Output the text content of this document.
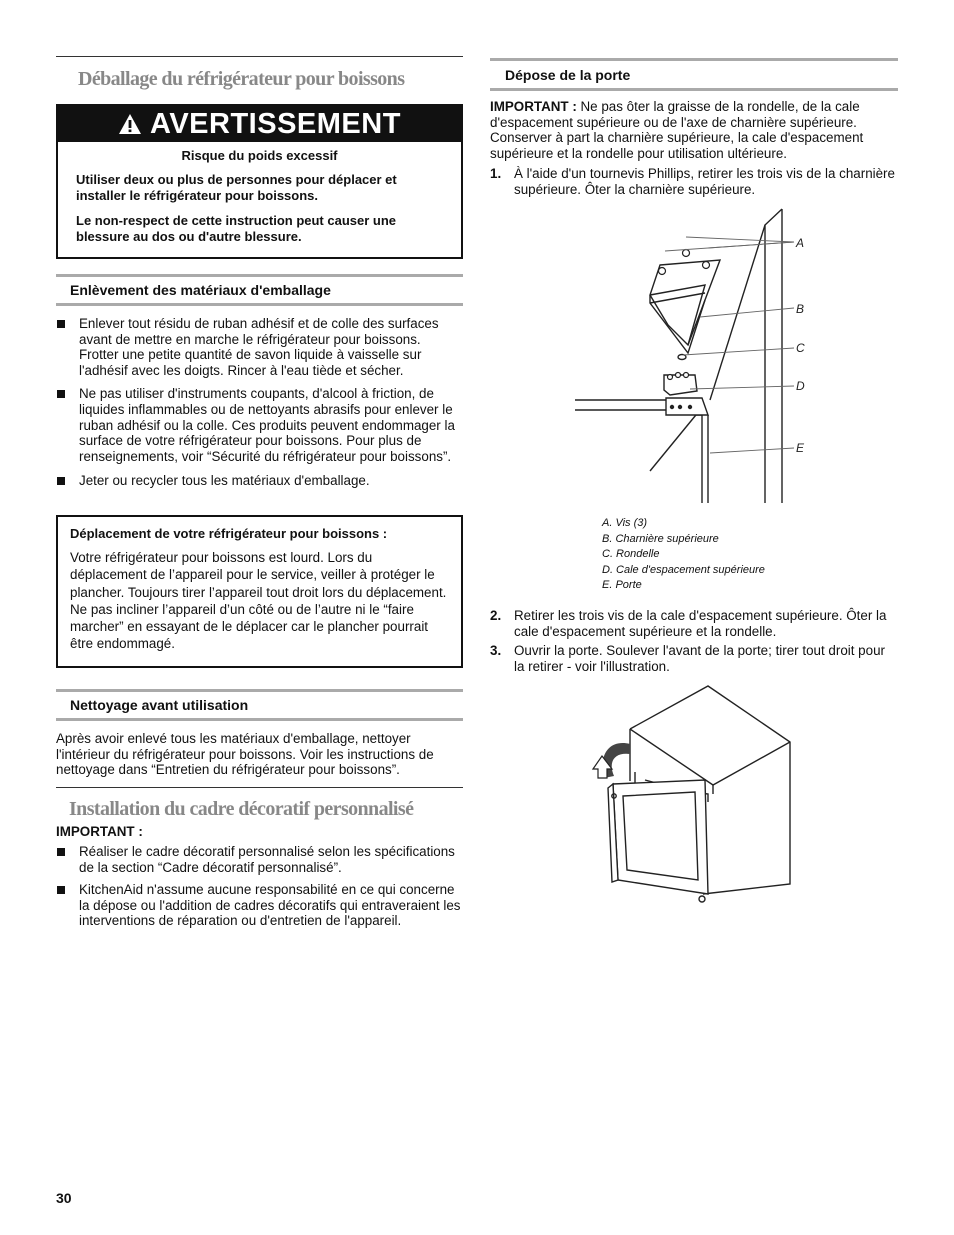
Déballage du réfrigérateur pour boissons
AVERTISSEMENT

Risque du poids excessif

Utiliser deux ou plus de personnes pour déplacer et installer le réfrigérateur pour boissons.

Le non-respect de cette instruction peut causer une blessure au dos ou d'autre blessure.

Enlèvement des matériaux d'emballage

Enlever tout résidu de ruban adhésif et de colle des surfaces avant de mettre en marche le réfrigérateur pour boissons. Frotter une petite quantité de savon liquide à vaisselle sur l'adhésif avec les doigts. Rincer à l'eau tiède et sécher.

Ne pas utiliser d'instruments coupants, d'alcool à friction, de liquides inflammables ou de nettoyants abrasifs pour enlever le ruban adhésif ou la colle. Ces produits peuvent endommager la surface de votre réfrigérateur pour boissons. Pour plus de renseignements, voir “Sécurité du réfrigérateur pour boissons”.

Jeter ou recycler tous les matériaux d'emballage.

Déplacement de votre réfrigérateur pour boissons :
Votre réfrigérateur pour boissons est lourd. Lors du déplacement de l’appareil pour le service, veiller à protéger le plancher. Toujours tirer l’appareil tout droit lors du déplacement. Ne pas incliner l’appareil d’un côté ou de l’autre ni le “faire marcher” en essayant de le déplacer car le plancher pourrait être endommagé.
Nettoyage avant utilisation
Après avoir enlevé tous les matériaux d'emballage, nettoyer l'intérieur du réfrigérateur pour boissons. Voir les instructions de nettoyage dans “Entretien du réfrigérateur pour boissons”.
Installation du cadre décoratif personnalisé
IMPORTANT :

Réaliser le cadre décoratif personnalisé selon les spécifications de la section “Cadre décoratif personnalisé”.

KitchenAid n'assume aucune responsabilité en ce qui concerne la dépose ou l'addition de cadres décoratifs qui entraveraient les interventions de réparation ou d'entretien de l'appareil.

Dépose de la porte
IMPORTANT : Ne pas ôter la graisse de la rondelle, de la cale d'espacement supérieure ou de l'axe de charnière supérieure. Conserver à part la charnière supérieure, la cale d'espacement supérieure et la rondelle pour utilisation ultérieure.

1. À l'aide d'un tournevis Phillips, retirer les trois vis de la charnière supérieure. Ôter la charnière supérieure.

A
B
C
D
E
A. Vis (3)
B. Charnière supérieure
C. Rondelle
D. Cale d'espacement supérieure
E. Porte

2. Retirer les trois vis de la cale d'espacement supérieure. Ôter la cale d'espacement supérieure et la rondelle.

3. Ouvrir la porte. Soulever l'avant de la porte; tirer tout droit pour la retirer - voir l'illustration.

30
